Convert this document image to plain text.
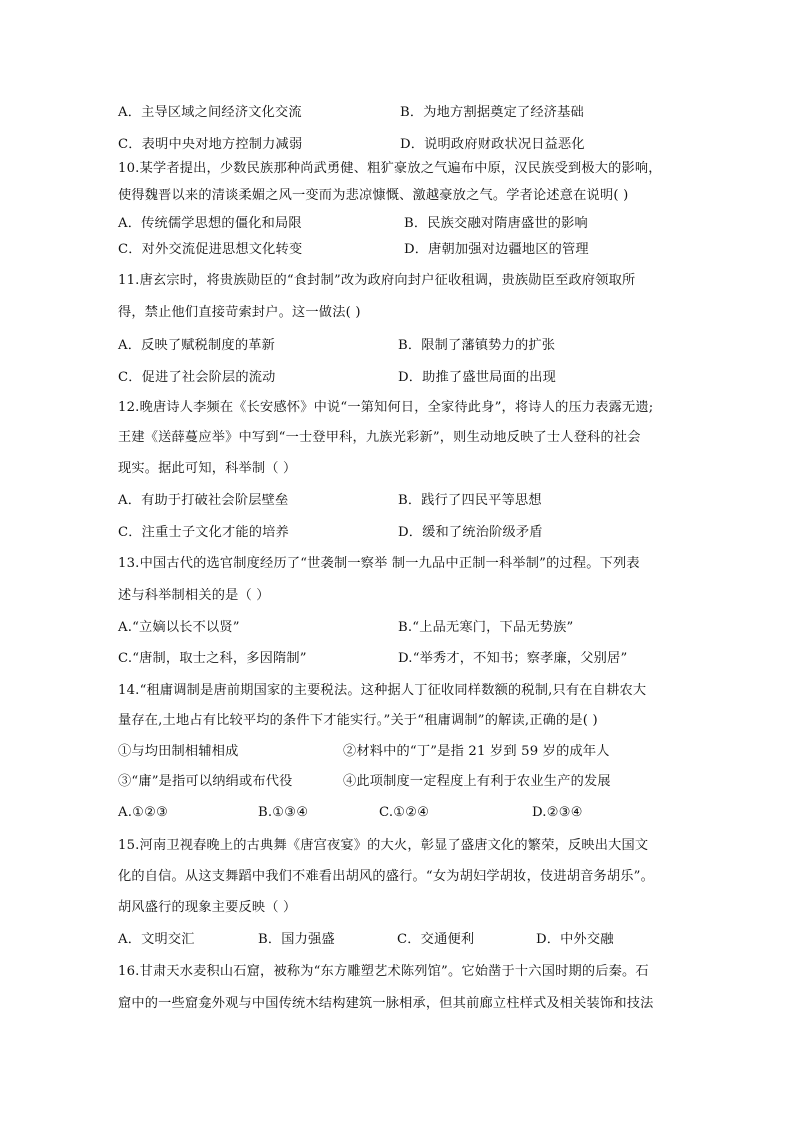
A．主导区域之间经济文化交流	B．为地方割据奠定了经济基础
C．表明中央对地方控制力减弱	D．说明政府财政状况日益恶化
10.某学者提出，少数民族那种尚武勇健、粗犷豪放之气遍布中原，汉民族受到极大的影响，
使得魏晋以来的清谈柔媚之风一变而为悲凉慷慨、激越豪放之气。学者论述意在说明( )
A．传统儒学思想的僵化和局限	B．民族交融对隋唐盛世的影响
C．对外交流促进思想文化转变	D．唐朝加强对边疆地区的管理
11.唐玄宗时，将贵族勋臣的“食封制”改为政府向封户征收租调，贵族勋臣至政府领取所
得，禁止他们直接苛索封户。这一做法( )
A．反映了赋税制度的革新	B．限制了藩镇势力的扩张
C．促进了社会阶层的流动	D．助推了盛世局面的出现
12.晚唐诗人李频在《长安感怀》中说“一第知何日，全家待此身”，将诗人的压力表露无遗;
王建《送薛蔓应举》中写到“一士登甲科，九族光彩新”，则生动地反映了士人登科的社会
现实。据此可知，科举制（ ）
A．有助于打破社会阶层壁垒	B．践行了四民平等思想
C．注重士子文化才能的培养	D．缓和了统治阶级矛盾
13.中国古代的选官制度经历了“世袭制一察举 制一九品中正制一科举制”的过程。下列表
述与科举制相关的是（ ）
A.“立嫡以长不以贤”	B.“上品无寒门，下品无势族”
C.“唐制，取士之科，多因隋制”	D.“举秀才，不知书；察孝廉，父别居”
14.“租庸调制是唐前期国家的主要税法。这种据人丁征收同样数额的税制,只有在自耕农大
量存在,土地占有比较平均的条件下才能实行。”关于“租庸调制”的解读,正确的是( )
①与均田制相辅相成	②材料中的“丁”是指 21 岁到 59 岁的成年人
③“庸”是指可以纳绢或布代役	④此项制度一定程度上有利于农业生产的发展
A.①②③	B.①③④	C.①②④	D.②③④
15.河南卫视春晚上的古典舞《唐宫夜宴》的大火，彰显了盛唐文化的繁荣，反映出大国文
化的自信。从这支舞蹈中我们不难看出胡风的盛行。“女为胡妇学胡妆，伎进胡音务胡乐”。
胡风盛行的现象主要反映（ ）
A．文明交汇	B．国力强盛	C．交通便利	D．中外交融
16.甘肃天水麦积山石窟，被称为“东方雕塑艺术陈列馆”。它始凿于十六国时期的后秦。石
窟中的一些窟龛外观与中国传统木结构建筑一脉相承，但其前廊立柱样式及相关装饰和技法
